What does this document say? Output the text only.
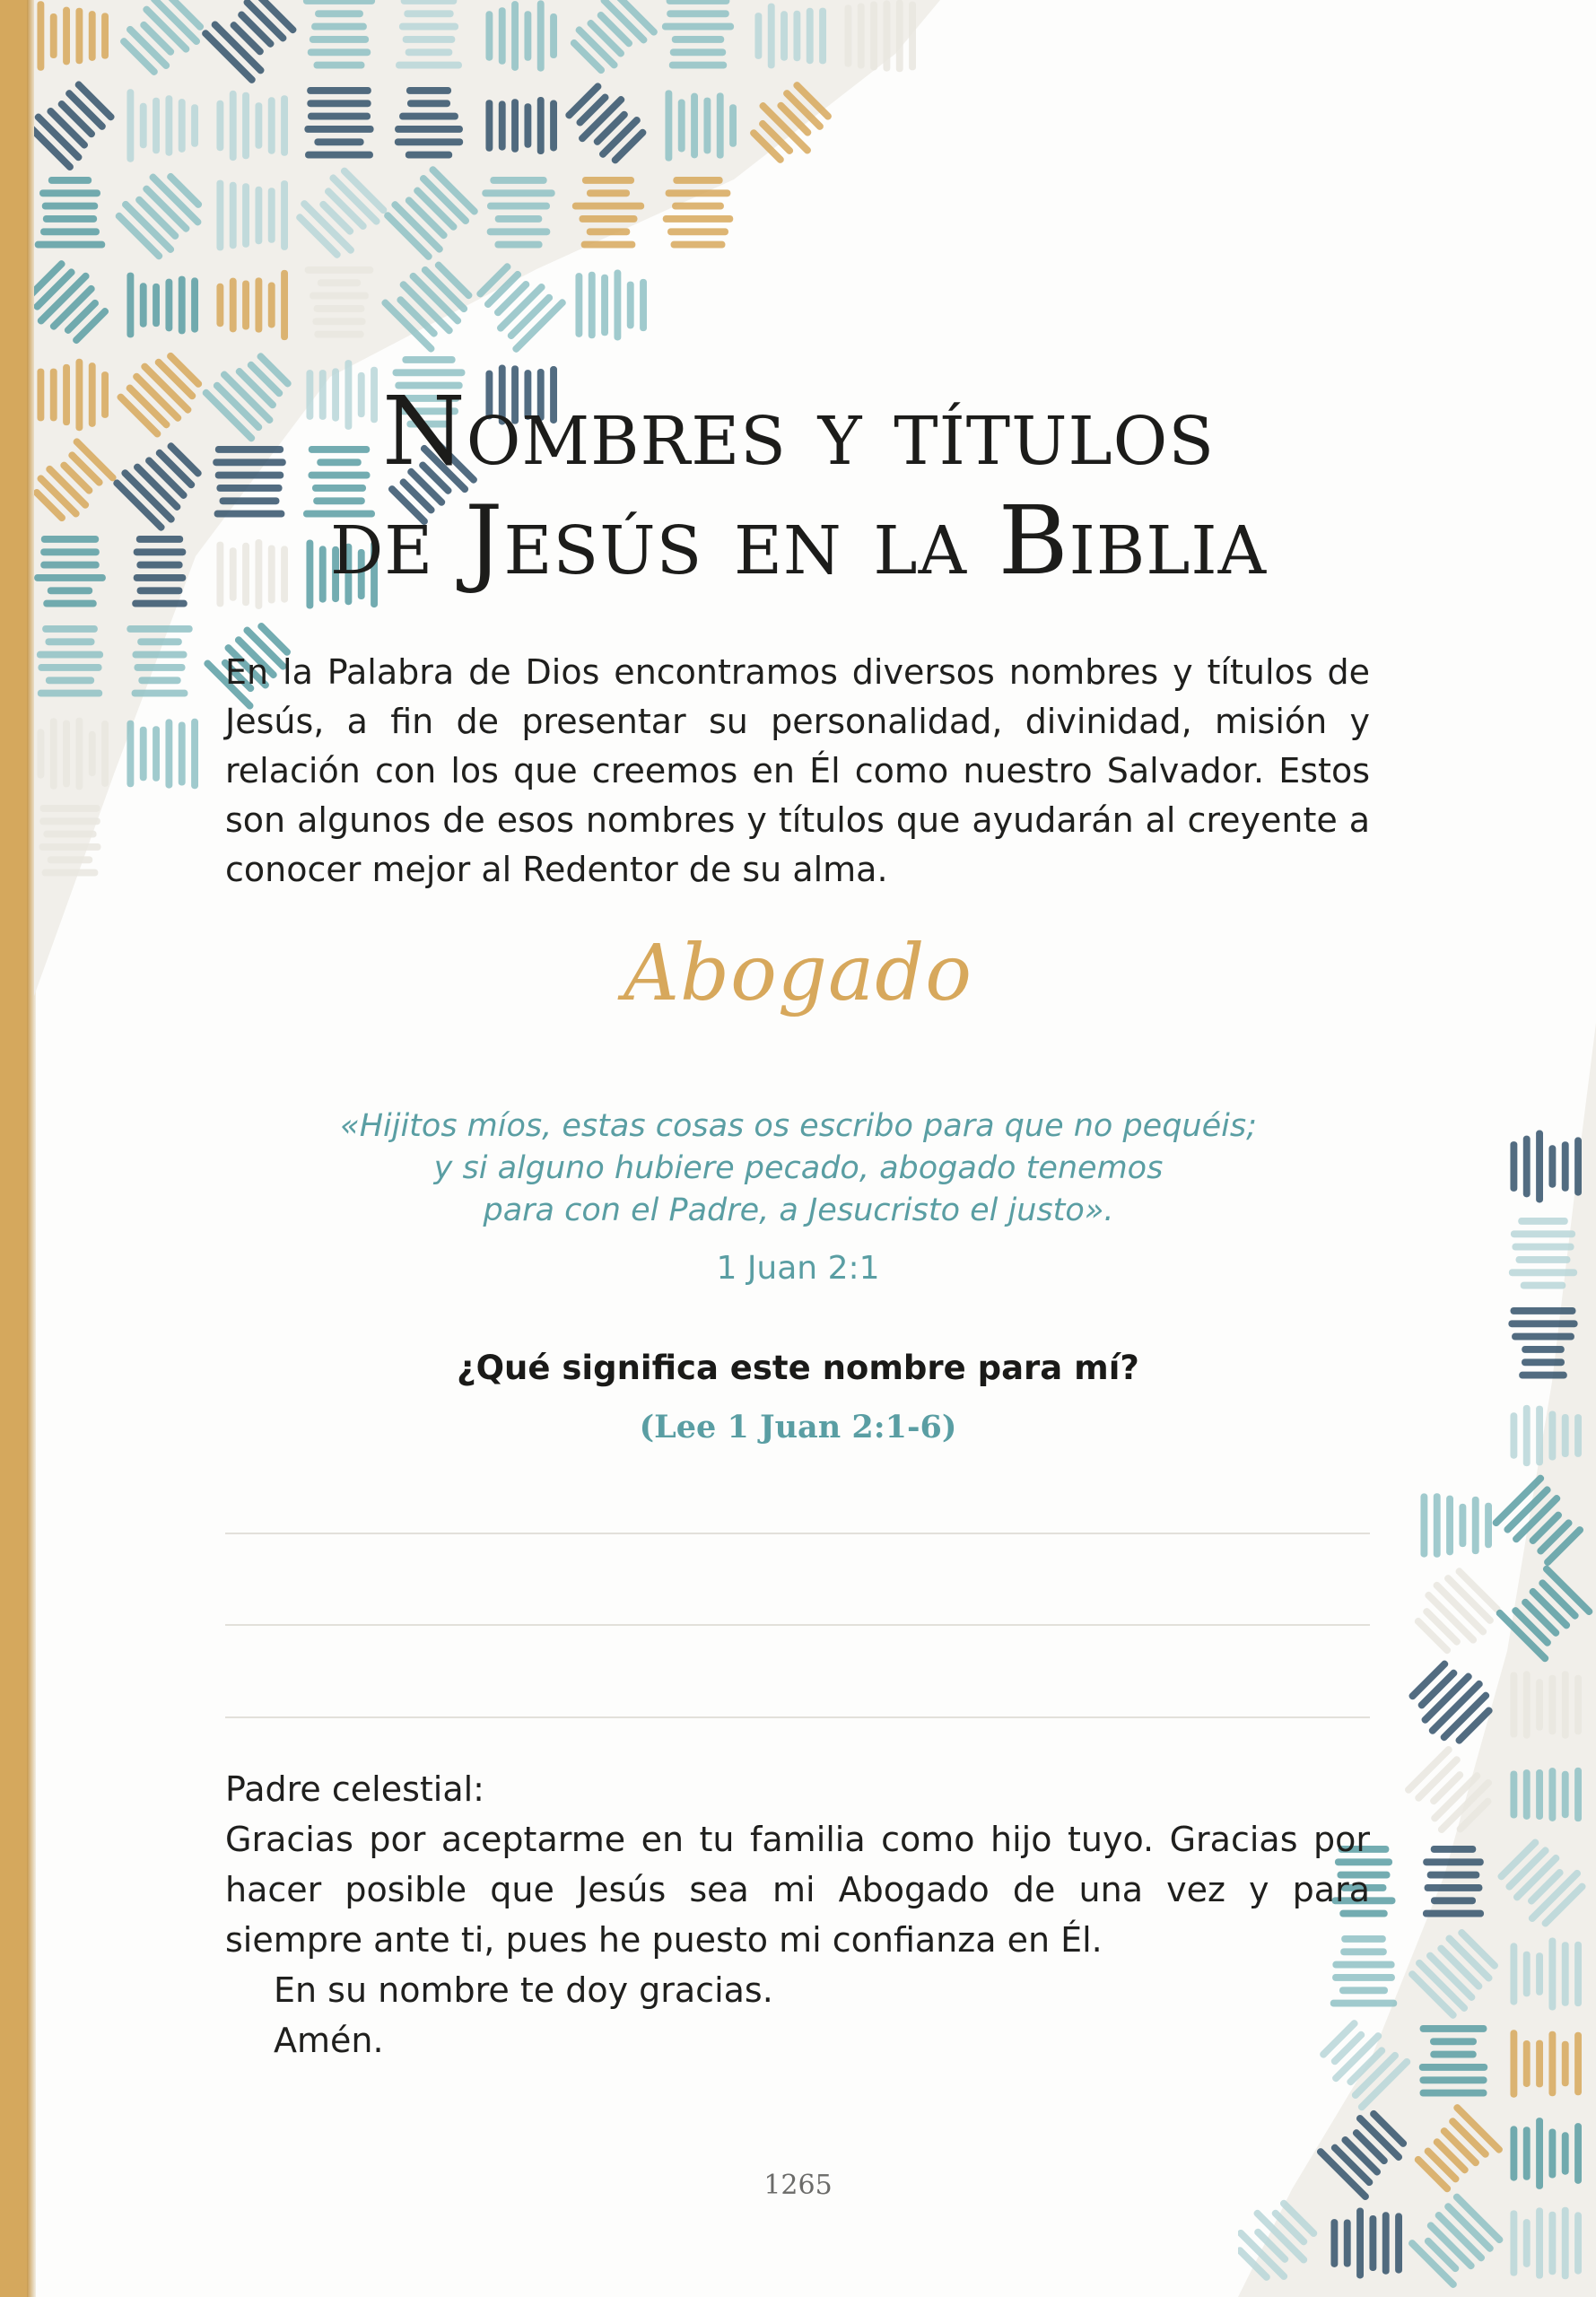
Nombres y títulos
de Jesús en la Biblia
En la Palabra de Dios encontramos diversos nombres y títulos de Jesús, a fin de presentar su personalidad, divinidad, misión y relación con los que creemos en Él como nuestro Salvador. Estos son algunos de esos nombres y títulos que ayudarán al creyente a conocer mejor al Redentor de su alma.
Abogado
«Hijitos míos, estas cosas os escribo para que no pequéis;
y si alguno hubiere pecado, abogado tenemos
para con el Padre, a Jesucristo el justo».
1 Juan 2:1
¿Qué significa este nombre para mí?
(Lee 1 Juan 2:1-6)
Padre celestial:
Gracias por aceptarme en tu familia como hijo tuyo. Gracias por hacer posible que Jesús sea mi Abogado de una vez y para siempre ante ti, pues he puesto mi confianza en Él.
En su nombre te doy gracias.
Amén.
1265
